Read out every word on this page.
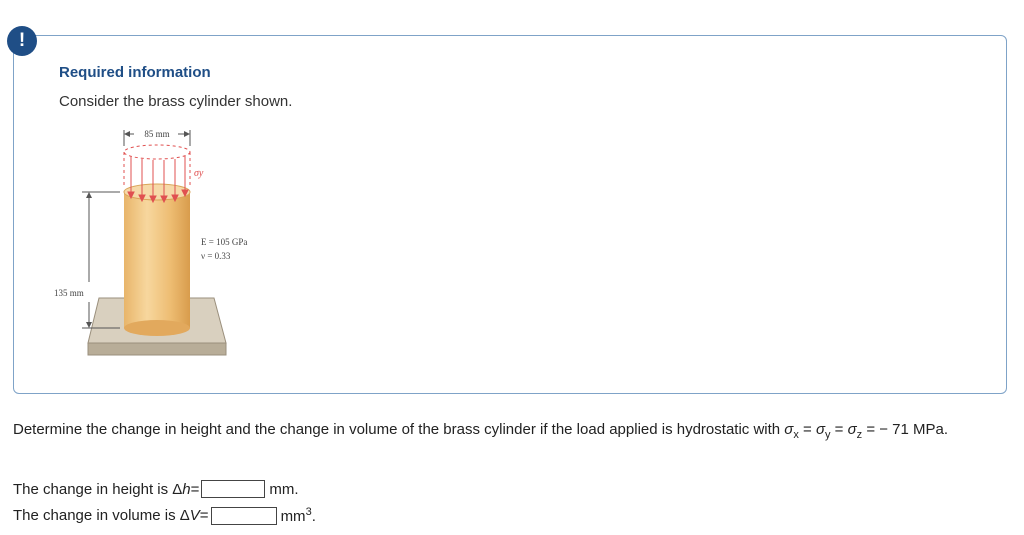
!
Required information
Consider the brass cylinder shown.
85 mm
135 mm
σy
E = 105 GPa
ν = 0.33
Determine the change in height and the change in volume of the brass cylinder if the load applied is hydrostatic with $\sigma_x = \sigma_y = \sigma_z$ = − 71 MPa.
The change in height is Δ h =	mm.
The change in volume is Δ V =	$mm^3$.
